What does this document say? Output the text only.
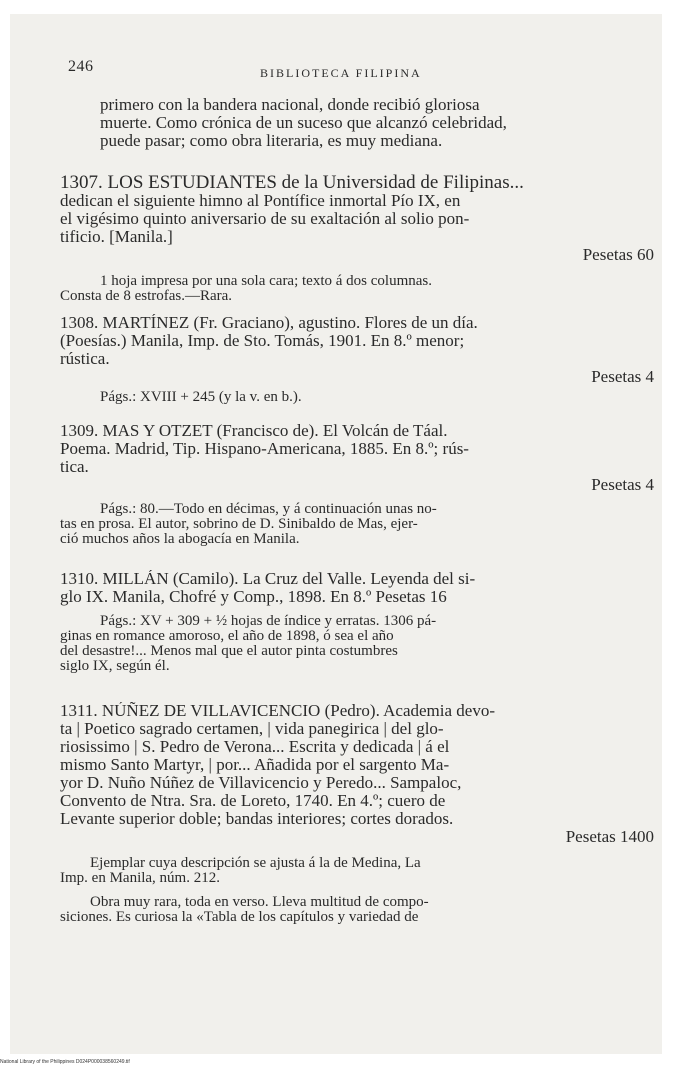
246	BIBLIOTECA FILIPINA
primero con la bandera nacional, donde recibió gloriosa
muerte. Como crónica de un suceso que alcanzó celebridad,
puede pasar; como obra literaria, es muy mediana.
1307. LOS ESTUDIANTES de la Universidad de Filipinas...
dedican el siguiente himno al Pontífice inmortal Pío IX, en
el vigésimo quinto aniversario de su exaltación al solio pon-
tificio. [Manila.]
Pesetas 60
1 hoja impresa por una sola cara; texto á dos columnas.
Consta de 8 estrofas.—Rara.
1308. MARTÍNEZ (Fr. Graciano), agustino. Flores de un día.
(Poesías.) Manila, Imp. de Sto. Tomás, 1901. En 8.º menor;
rústica.
Pesetas 4
Págs.: XVIII + 245 (y la v. en b.).
1309. MAS Y OTZET (Francisco de). El Volcán de Táal.
Poema. Madrid, Tip. Hispano-Americana, 1885. En 8.º; rús-
tica.
Pesetas 4
Págs.: 80.—Todo en décimas, y á continuación unas no-
tas en prosa. El autor, sobrino de D. Sinibaldo de Mas, ejer-
ció muchos años la abogacía en Manila.
1310. MILLÁN (Camilo). La Cruz del Valle. Leyenda del si-
glo IX. Manila, Chofré y Comp., 1898. En 8.º Pesetas 16
Págs.: XV + 309 + ½ hojas de índice y erratas. 1306 pá-
ginas en romance amoroso, el año de 1898, ó sea el año
del desastre!... Menos mal que el autor pinta costumbres
siglo IX, según él.
1311. NÚÑEZ DE VILLAVICENCIO (Pedro). Academia devo-
ta | Poetico sagrado certamen, | vida panegirica | del glo-
riosissimo | S. Pedro de Verona... Escrita y dedicada | á el
mismo Santo Martyr, | por... Añadida por el sargento Ma-
yor D. Nuño Núñez de Villavicencio y Peredo... Sampaloc,
Convento de Ntra. Sra. de Loreto, 1740. En 4.º; cuero de
Levante superior doble; bandas interiores; cortes dorados.
Pesetas 1400
Ejemplar cuya descripción se ajusta á la de Medina, La
Imp. en Manila, núm. 212.
Obra muy rara, toda en verso. Lleva multitud de compo-
siciones. Es curiosa la «Tabla de los capítulos y variedad de
National Library of the Philippines D024P000038560249.tif
